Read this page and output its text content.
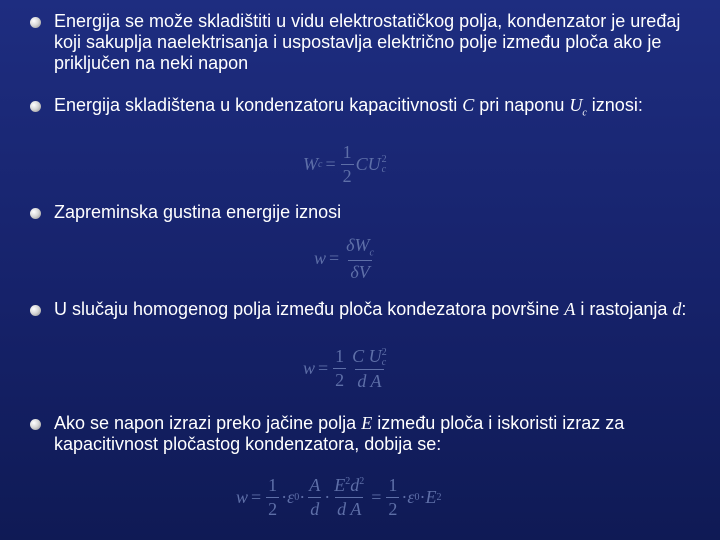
Energija se može skladištiti u vidu elektrostatičkog polja, kondenzator je uređaj koji sakuplja naelektrisanja i uspostavlja električno polje između ploča ako je priključen na neki napon
Energija skladištena u kondenzatoru kapacitivnosti C pri naponu $U_c$ iznosi:
W $c = \frac{1}{2}$ CU 2
c
Zapreminska gustina energije iznosi
$w = \frac{\delta W_c}{\delta V}$
U slučaju homogenog polja između ploča kondezatora površine A i rastojanja d:
$w = \frac{1}{2}$ C U 2
c
d A
Ako se napon izrazi preko jačine polja E između ploča i iskoristi izraz za kapacitivnost pločastog kondenzatora, dobija se:
$w = \frac{1}{2} \cdot \varepsilon$ $0 \cdot \frac{A}{d} \cdot \frac{E^2d^2}{\text{d A}} = \frac{1}{2} \cdot \varepsilon$ 0 · E 2
